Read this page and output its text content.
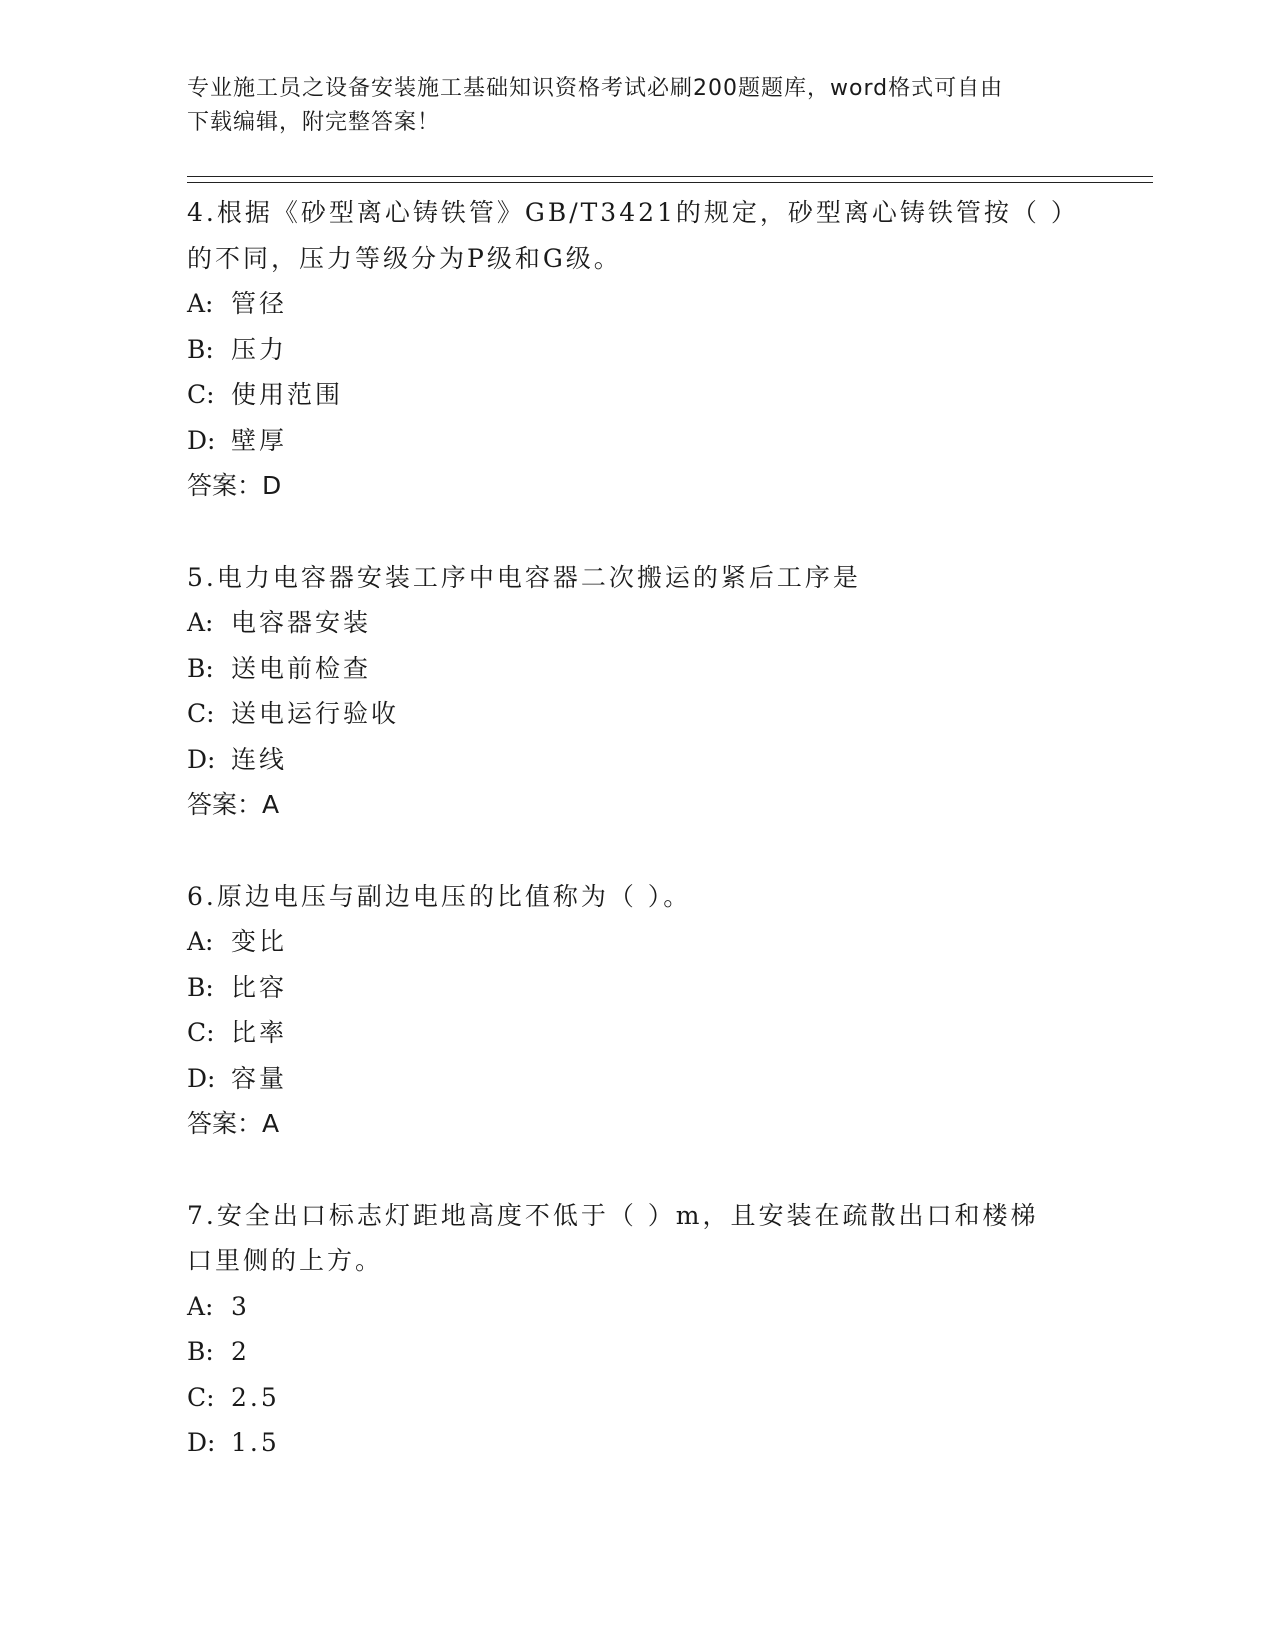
专业施工员之设备安装施工基础知识资格考试必刷200题题库，word格式可自由
下载编辑，附完整答案！
4.根据《砂型离心铸铁管》GB/T3421的规定，砂型离心铸铁管按（ ）
的不同，压力等级分为P级和G级。
A: 管径
B: 压力
C: 使用范围
D: 壁厚
答案：D
5.电力电容器安装工序中电容器二次搬运的紧后工序是
A: 电容器安装
B: 送电前检查
C: 送电运行验收
D: 连线
答案：A
6.原边电压与副边电压的比值称为（ ）。
A: 变比
B: 比容
C: 比率
D: 容量
答案：A
7.安全出口标志灯距地高度不低于（ ）m，且安装在疏散出口和楼梯
口里侧的上方。
A: 3
B: 2
C: 2.5
D: 1.5
